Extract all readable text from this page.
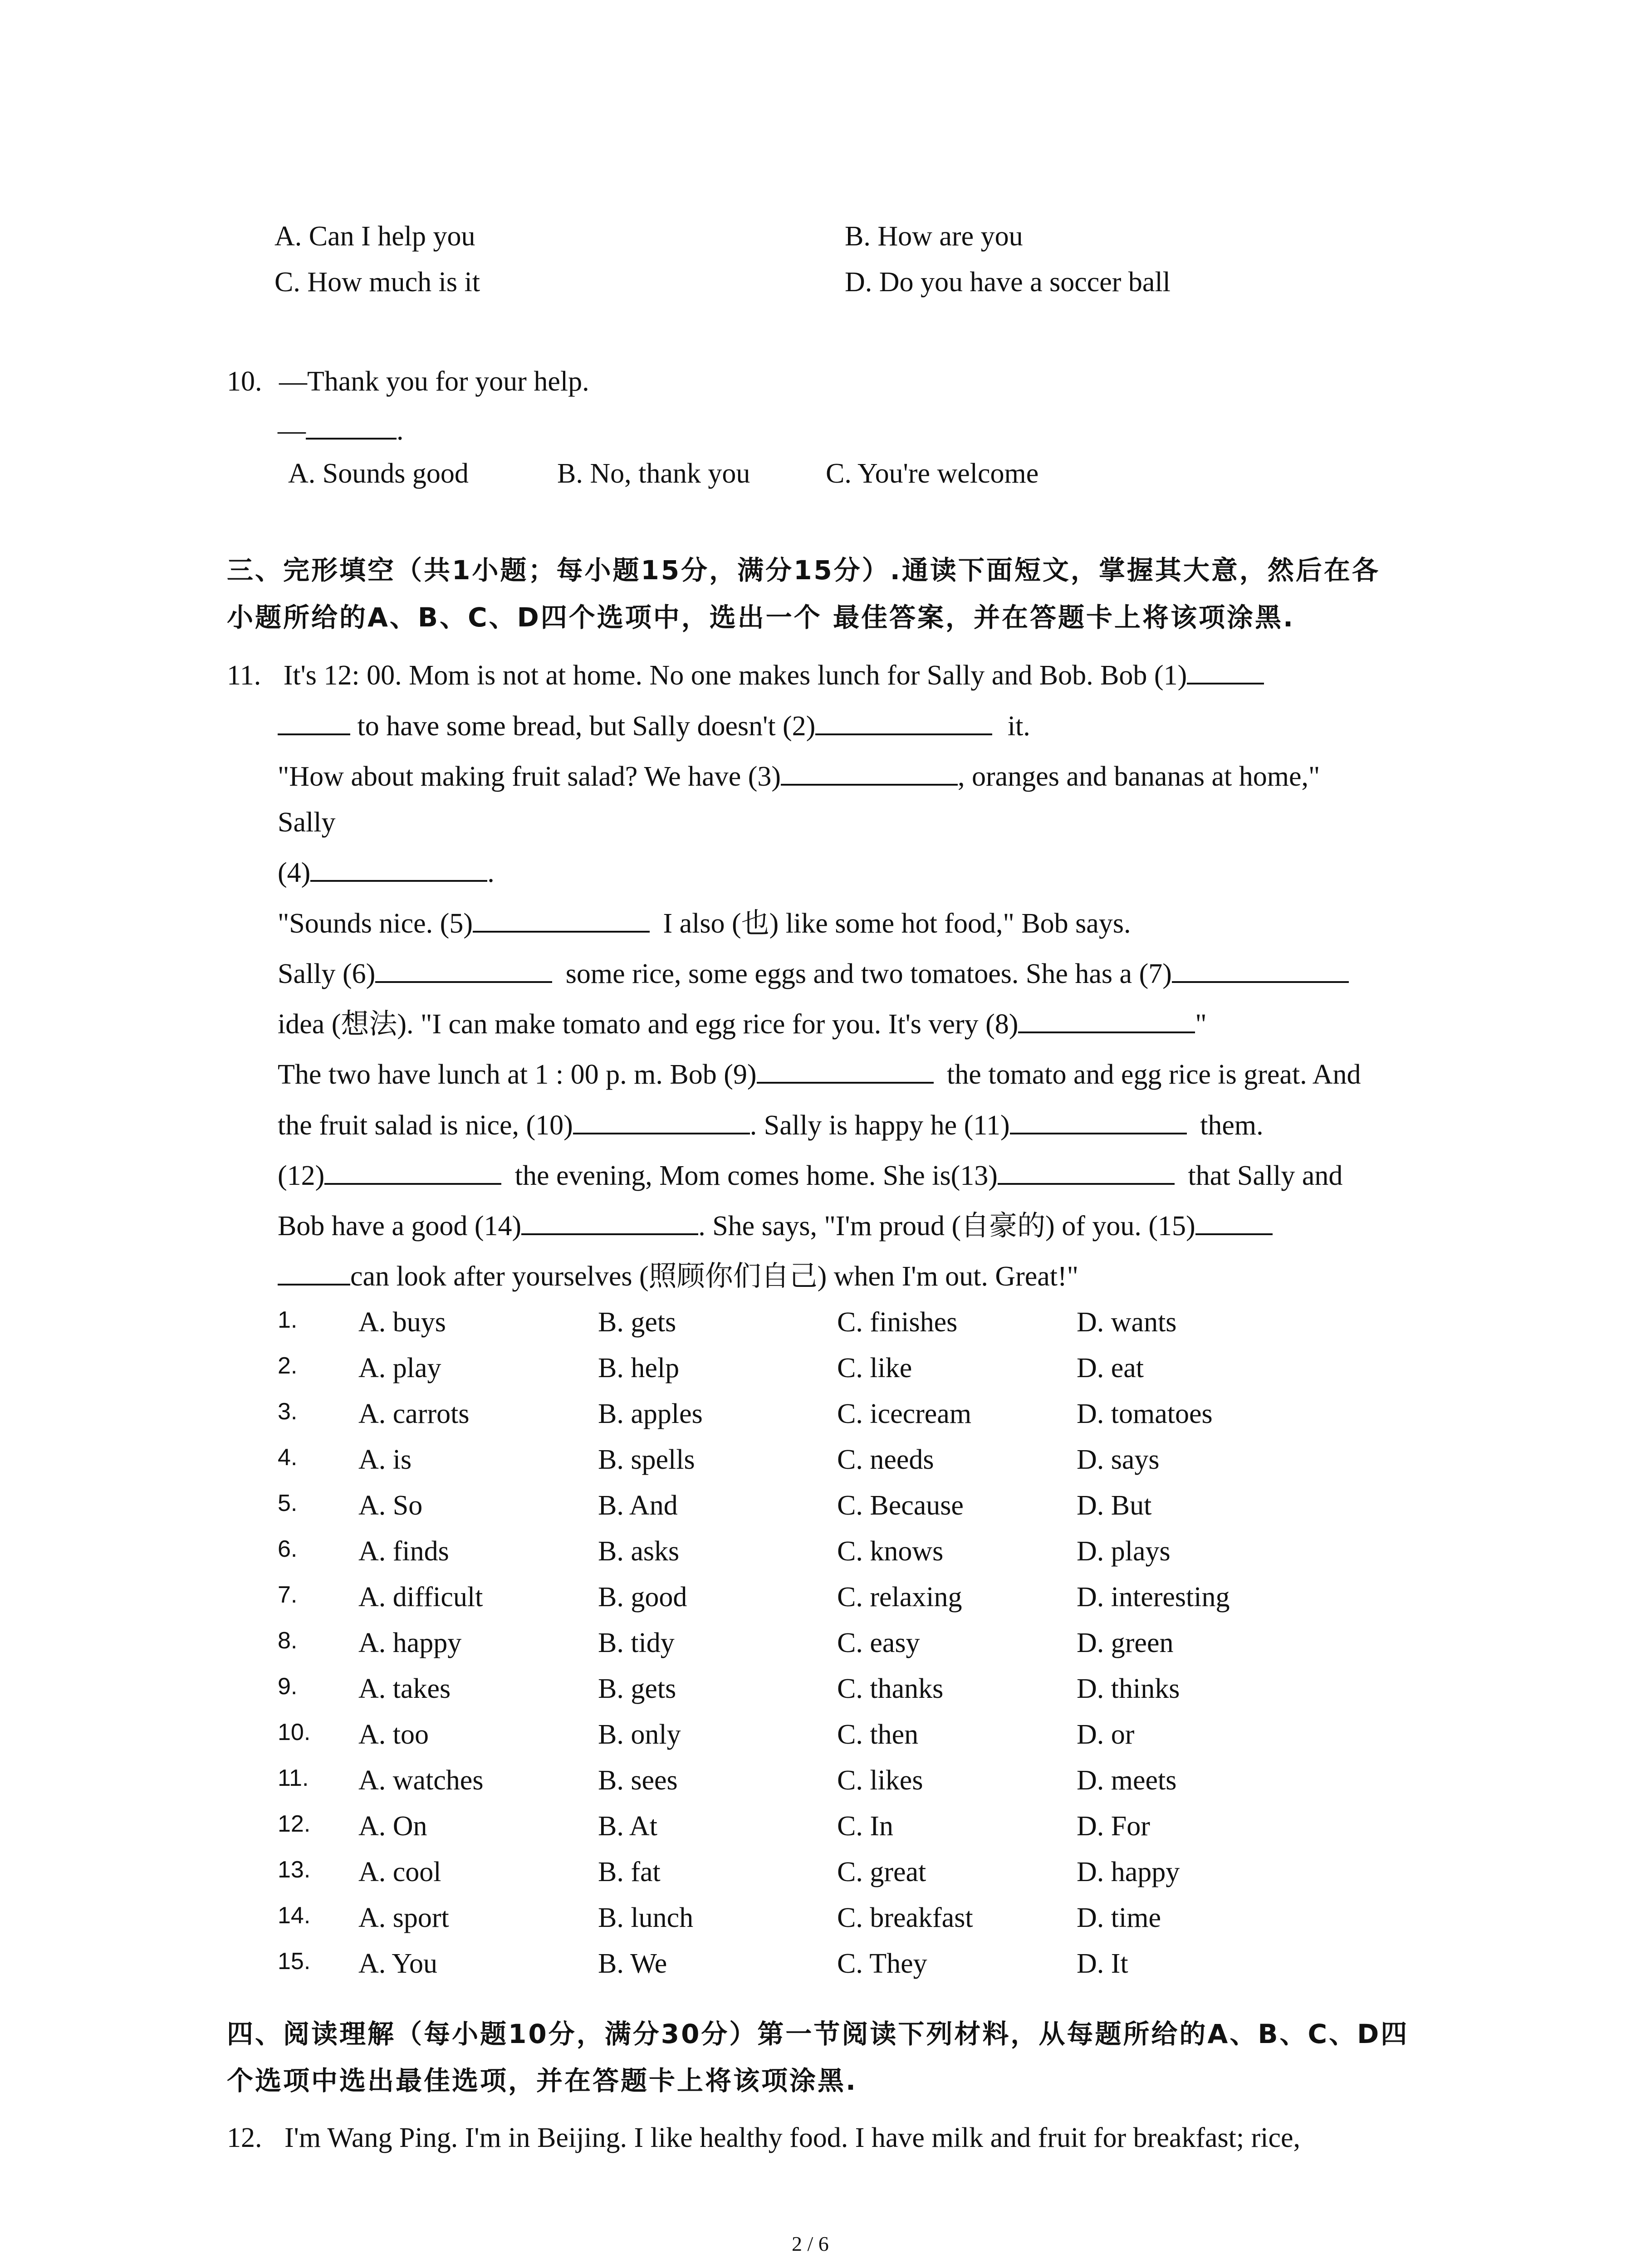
A. Can I help you	B. How are you
C. How much is it	D. Do you have a soccer ball
10. —Thank you for your help.
—	.
A. Sounds good	B. No, thank you	C. You're welcome
三、完形填空（共1小题；每小题15分，满分15分）.通读下面短文，掌握其大意，然后在各
小题所给的A、B、C、D四个选项中，选出一个 最佳答案，并在答题卡上将该项涂黑.
11. It's 12: 00. Mom is not at home. No one makes lunch for Sally and Bob. Bob (1)
to have some bread, but Sally doesn't (2)	it.
"How about making fruit salad? We have (3)	, oranges and bananas at home,"
Sally
(4)	.
"Sounds nice. (5)	I also (也) like some hot food," Bob says.
Sally (6)	some rice, some eggs and two tomatoes. She has a (7)
idea (想法). "I can make tomato and egg rice for you. It's very (8)	"
The two have lunch at 1 : 00 p. m. Bob (9)	the tomato and egg rice is great. And
the fruit salad is nice, (10)	. Sally is happy he (11)	them.
(12)	the evening, Mom comes home. She is(13)	that Sally and
Bob have a good (14)	. She says, "I'm proud (自豪的) of you. (15)
can look after yourselves (照顾你们自己) when I'm out. Great!"
1. A. buys	B. gets	C. finishes	D. wants
2. A. play	B. help	C. like	D. eat
3. A. carrots	B. apples	C. icecream	D. tomatoes
4. A. is	B. spells	C. needs	D. says
5. A. So	B. And	C. Because	D. But
6. A. finds	B. asks	C. knows	D. plays
7. A. difficult	B. good	C. relaxing	D. interesting
8. A. happy	B. tidy	C. easy	D. green
9. A. takes	B. gets	C. thanks	D. thinks
10. A. too	B. only	C. then	D. or
11. A. watches	B. sees	C. likes	D. meets
12. A. On	B. At	C. In	D. For
13. A. cool	B. fat	C. great	D. happy
14. A. sport	B. lunch	C. breakfast	D. time
15. A. You	B. We	C. They	D. It
四、阅读理解（每小题10分，满分30分）第一节阅读下列材料，从每题所给的A、B、C、D四
个选项中选出最佳选项，并在答题卡上将该项涂黑.
12. I'm Wang Ping. I'm in Beijing. I like healthy food. I have milk and fruit for breakfast; rice,
2 / 6
